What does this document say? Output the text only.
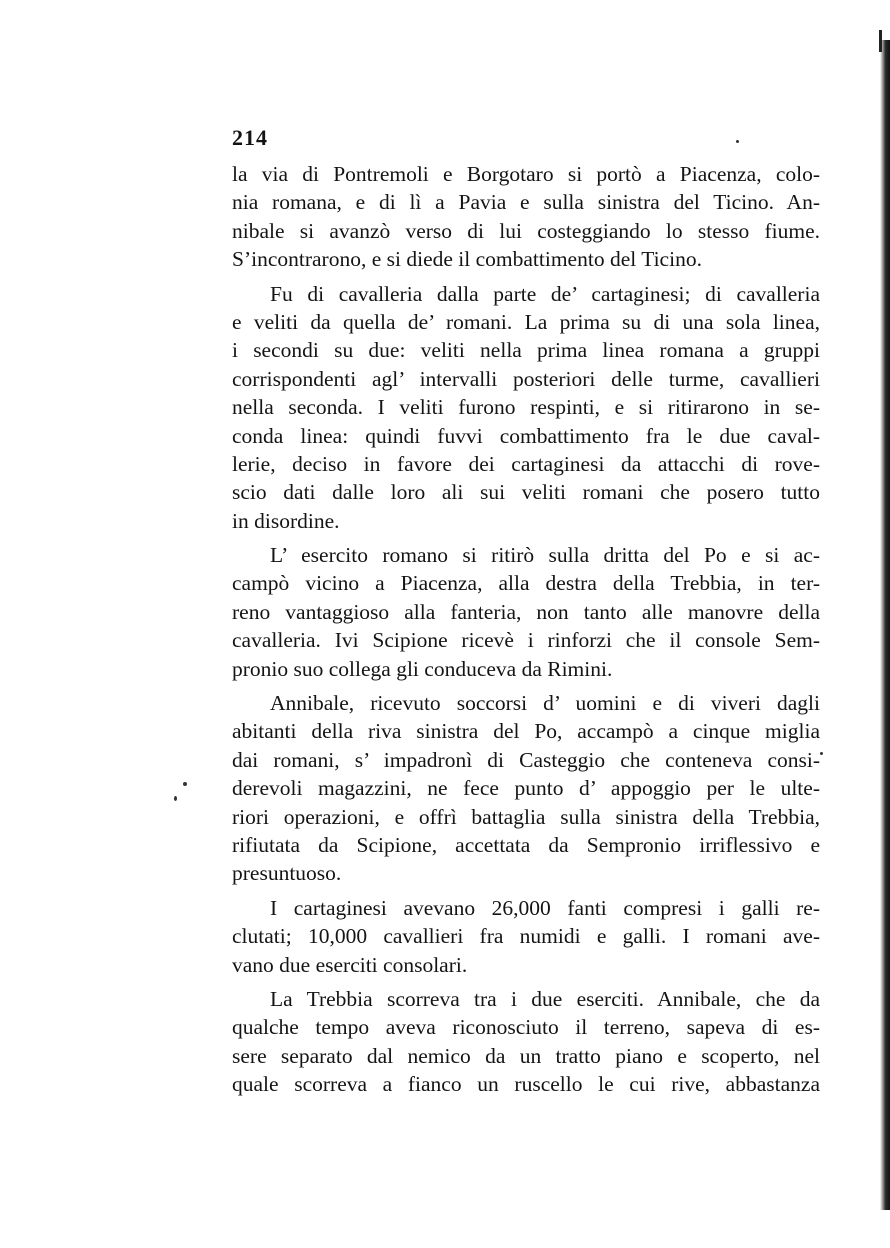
214
la via di Pontremoli e Borgotaro si portò a Piacenza, colo-
nia romana, e di lì a Pavia e sulla sinistra del Ticino. An-
nibale si avanzò verso di lui costeggiando lo stesso fiume.
S’incontrarono, e si diede il combattimento del Ticino.
Fu di cavalleria dalla parte de’ cartaginesi; di cavalleria
e veliti da quella de’ romani. La prima su di una sola linea,
i secondi su due: veliti nella prima linea romana a gruppi
corrispondenti agl’ intervalli posteriori delle turme, cavallieri
nella seconda. I veliti furono respinti, e si ritirarono in se-
conda linea: quindi fuvvi combattimento fra le due caval-
lerie, deciso in favore dei cartaginesi da attacchi di rove-
scio dati dalle loro ali sui veliti romani che posero tutto
in disordine.
L’ esercito romano si ritirò sulla dritta del Po e si ac-
campò vicino a Piacenza, alla destra della Trebbia, in ter-
reno vantaggioso alla fanteria, non tanto alle manovre della
cavalleria. Ivi Scipione ricevè i rinforzi che il console Sem-
pronio suo collega gli conduceva da Rimini.
Annibale, ricevuto soccorsi d’ uomini e di viveri dagli
abitanti della riva sinistra del Po, accampò a cinque miglia
dai romani, s’ impadronì di Casteggio che conteneva consi-
derevoli magazzini, ne fece punto d’ appoggio per le ulte-
riori operazioni, e offrì battaglia sulla sinistra della Trebbia,
rifiutata da Scipione, accettata da Sempronio irriflessivo e
presuntuoso.
I cartaginesi avevano 26,000 fanti compresi i galli re-
clutati; 10,000 cavallieri fra numidi e galli. I romani ave-
vano due eserciti consolari.
La Trebbia scorreva tra i due eserciti. Annibale, che da
qualche tempo aveva riconosciuto il terreno, sapeva di es-
sere separato dal nemico da un tratto piano e scoperto, nel
quale scorreva a fianco un ruscello le cui rive, abbastanza
